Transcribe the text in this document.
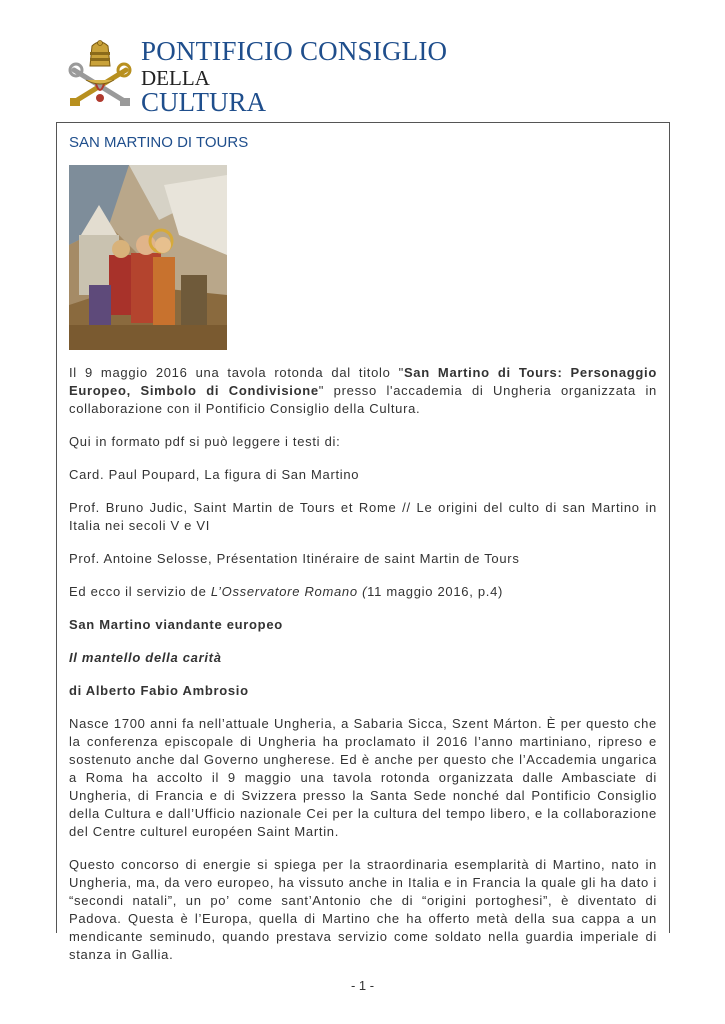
PONTIFICIO CONSIGLIO
DELLA
CULTURA
SAN MARTINO DI TOURS

Il 9 maggio 2016 una tavola rotonda dal titolo "San Martino di Tours: Personaggio Europeo, Simbolo di Condivisione" presso l'accademia di Ungheria organizzata in collaborazione con il Pontificio Consiglio della Cultura.

Qui in formato pdf si può leggere i testi di:

Card. Paul Poupard, La figura di San Martino

Prof. Bruno Judic, Saint Martin de Tours et Rome // Le origini del culto di san Martino in Italia nei secoli V e VI

Prof. Antoine Selosse, Présentation Itinéraire de saint Martin de Tours

Ed ecco il servizio de L’Osservatore Romano (11 maggio 2016, p.4)

San Martino viandante europeo

Il mantello della carità

di Alberto Fabio Ambrosio

Nasce 1700 anni fa nell’attuale Ungheria, a Sabaria Sicca, Szent Márton. È per questo che la conferenza episcopale di Ungheria ha proclamato il 2016 l’anno martiniano, ripreso e sostenuto anche dal Governo ungherese. Ed è anche per questo che l’Accademia ungarica a Roma ha accolto il 9 maggio una tavola rotonda organizzata dalle Ambasciate di Ungheria, di Francia e di Svizzera presso la Santa Sede nonché dal Pontificio Consiglio della Cultura e dall’Ufficio nazionale Cei per la cultura del tempo libero, e la collaborazione del Centre culturel européen Saint Martin.

Questo concorso di energie si spiega per la straordinaria esemplarità di Martino, nato in Ungheria, ma, da vero europeo, ha vissuto anche in Italia e in Francia la quale gli ha dato i “secondi natali”, un po’ come sant’Antonio che di “origini portoghesi”, è diventato di Padova. Questa è l’Europa, quella di Martino che ha offerto metà della sua cappa a un mendicante seminudo, quando prestava servizio come soldato nella guardia imperiale di stanza in Gallia.

- 1 -
